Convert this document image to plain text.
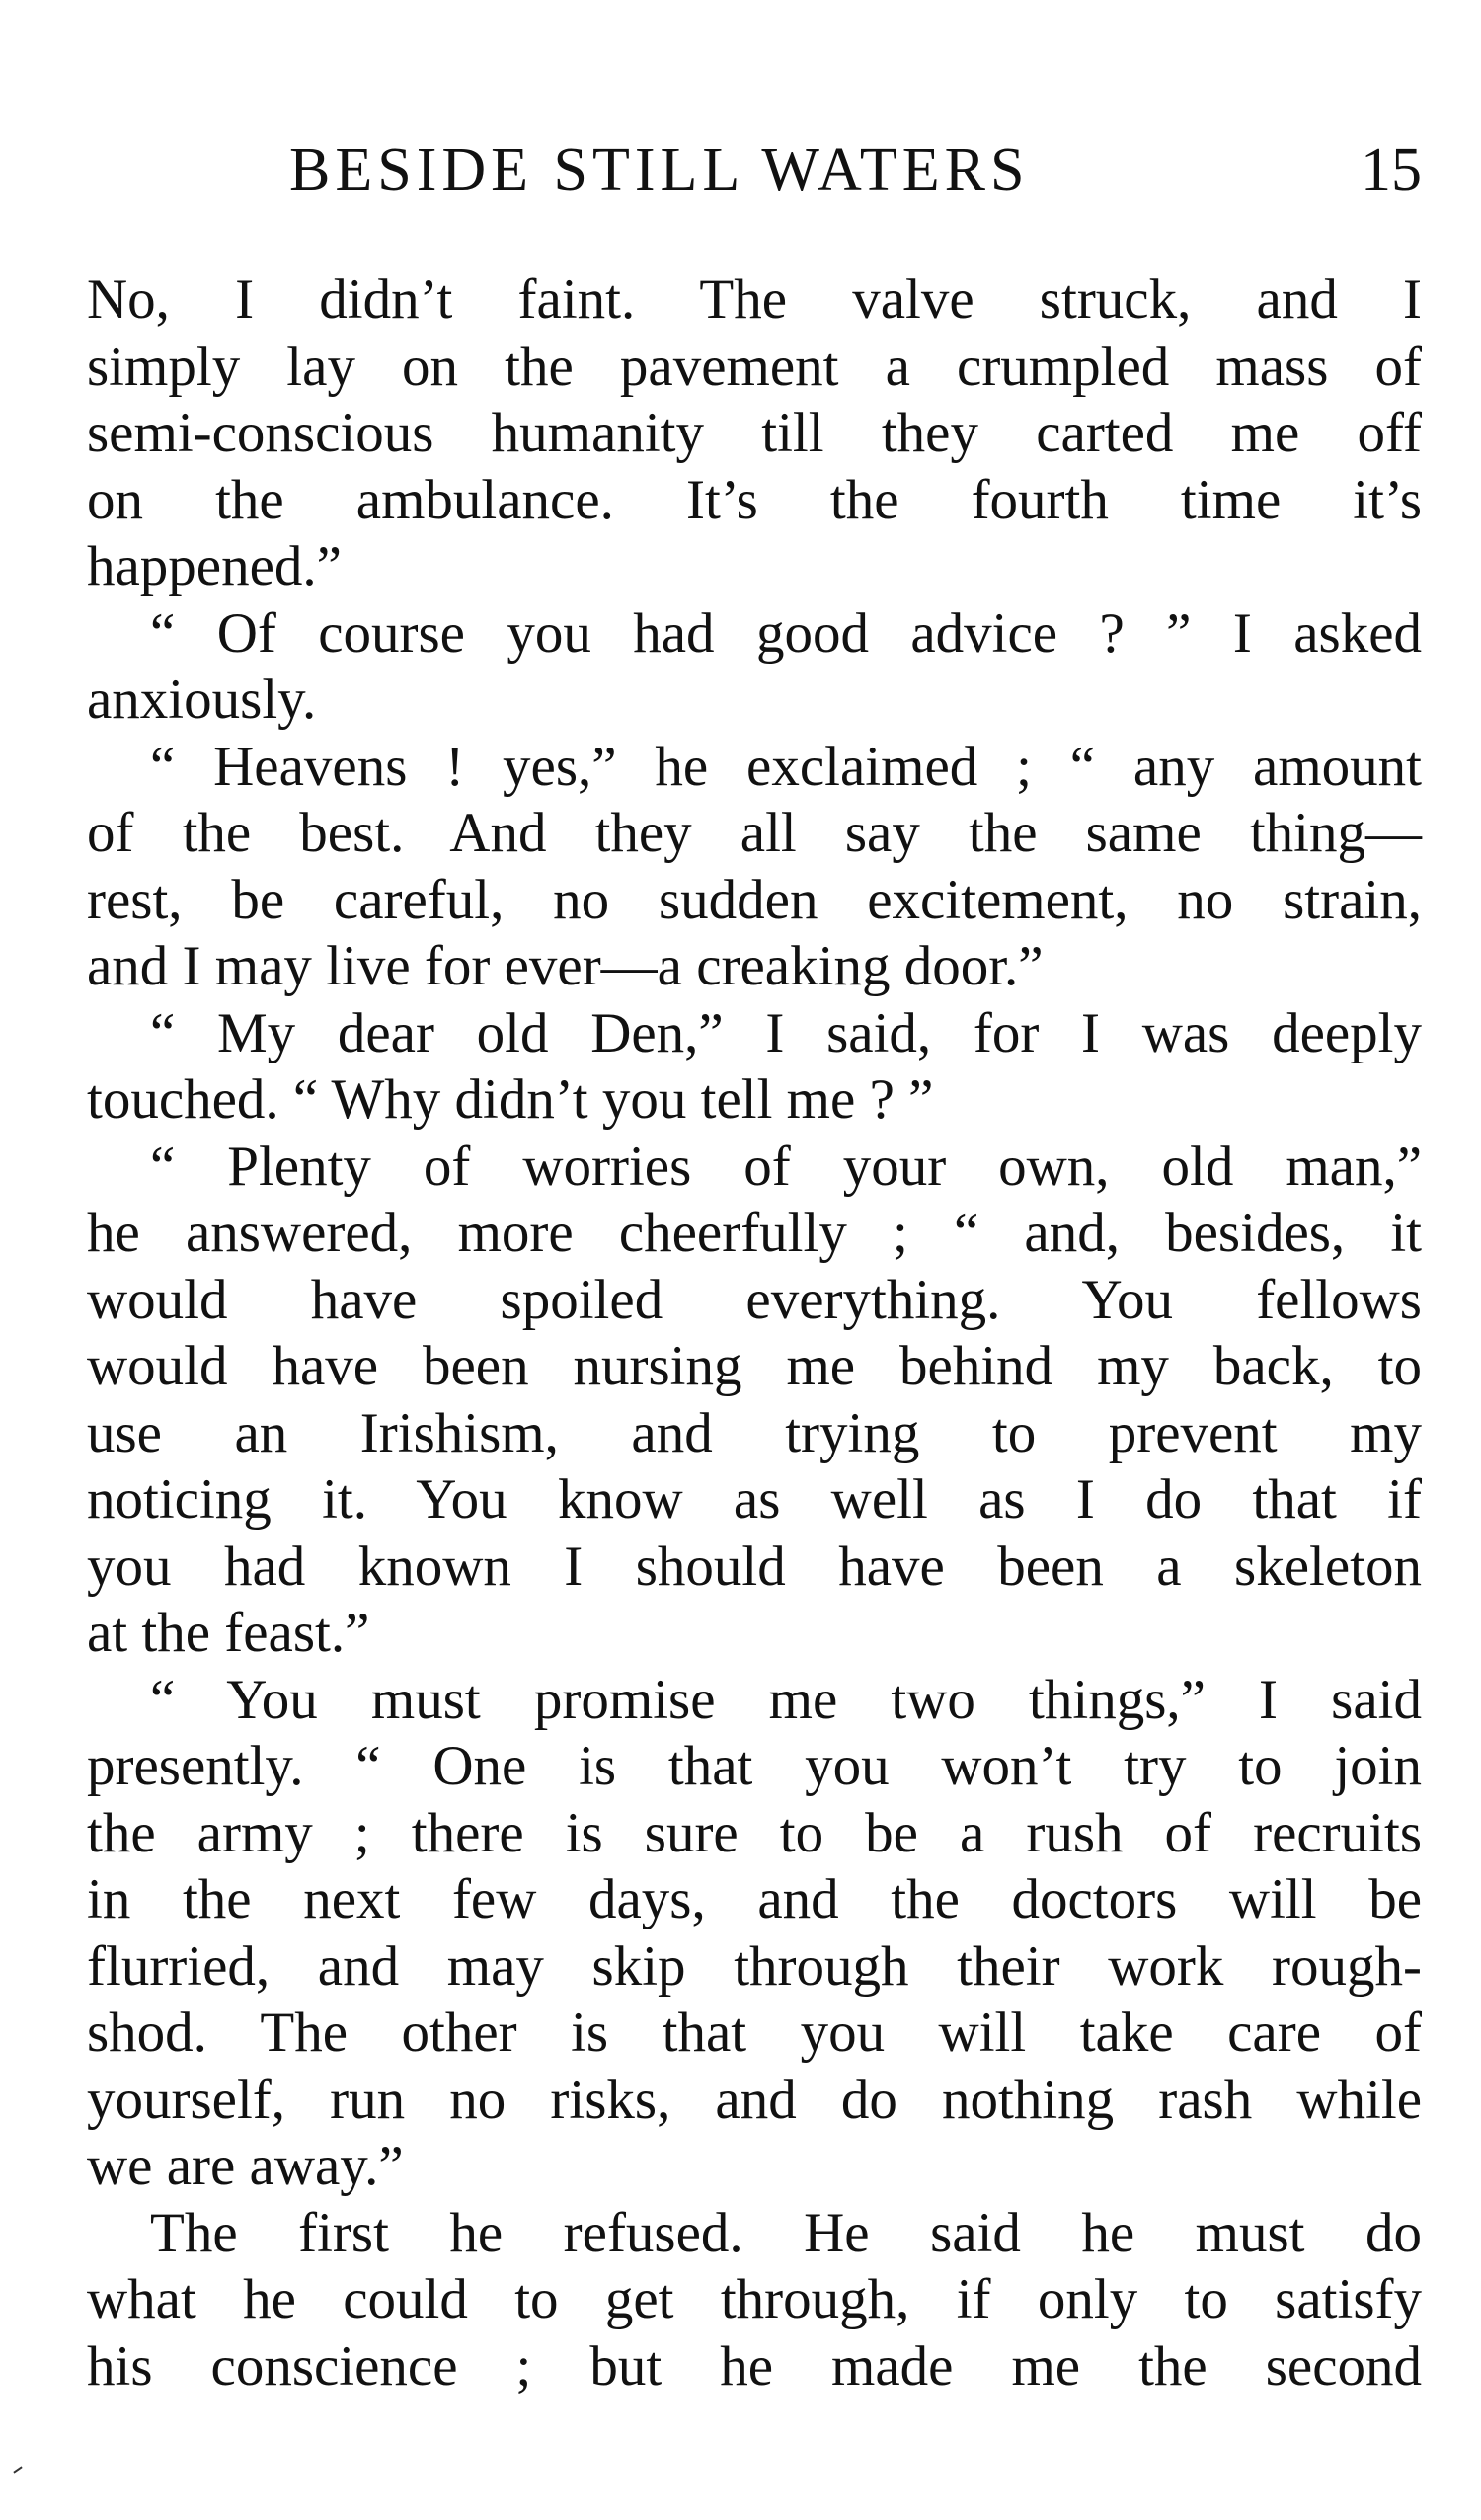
BESIDE STILL WATERS	15
No, I didn’t faint. The valve struck, and I
simply lay on the pavement a crumpled mass of
semi-conscious humanity till they carted me off
on the ambulance. It’s the fourth time it’s
happened.”
“ Of course you had good advice ? ” I asked
anxiously.
“ Heavens ! yes,” he exclaimed ; “ any amount
of the best. And they all say the same thing—
rest, be careful, no sudden excitement, no strain,
and I may live for ever—a creaking door.”
“ My dear old Den,” I said, for I was deeply
touched. “ Why didn’t you tell me ? ”
“ Plenty of worries of your own, old man,”
he answered, more cheerfully ; “ and, besides, it
would have spoiled everything. You fellows
would have been nursing me behind my back, to
use an Irishism, and trying to prevent my
noticing it. You know as well as I do that if
you had known I should have been a skeleton
at the feast.”
“ You must promise me two things,” I said
presently. “ One is that you won’t try to join
the army ; there is sure to be a rush of recruits
in the next few days, and the doctors will be
flurried, and may skip through their work rough-
shod. The other is that you will take care of
yourself, run no risks, and do nothing rash while
we are away.”
The first he refused. He said he must do
what he could to get through, if only to satisfy
his conscience ; but he made me the second
